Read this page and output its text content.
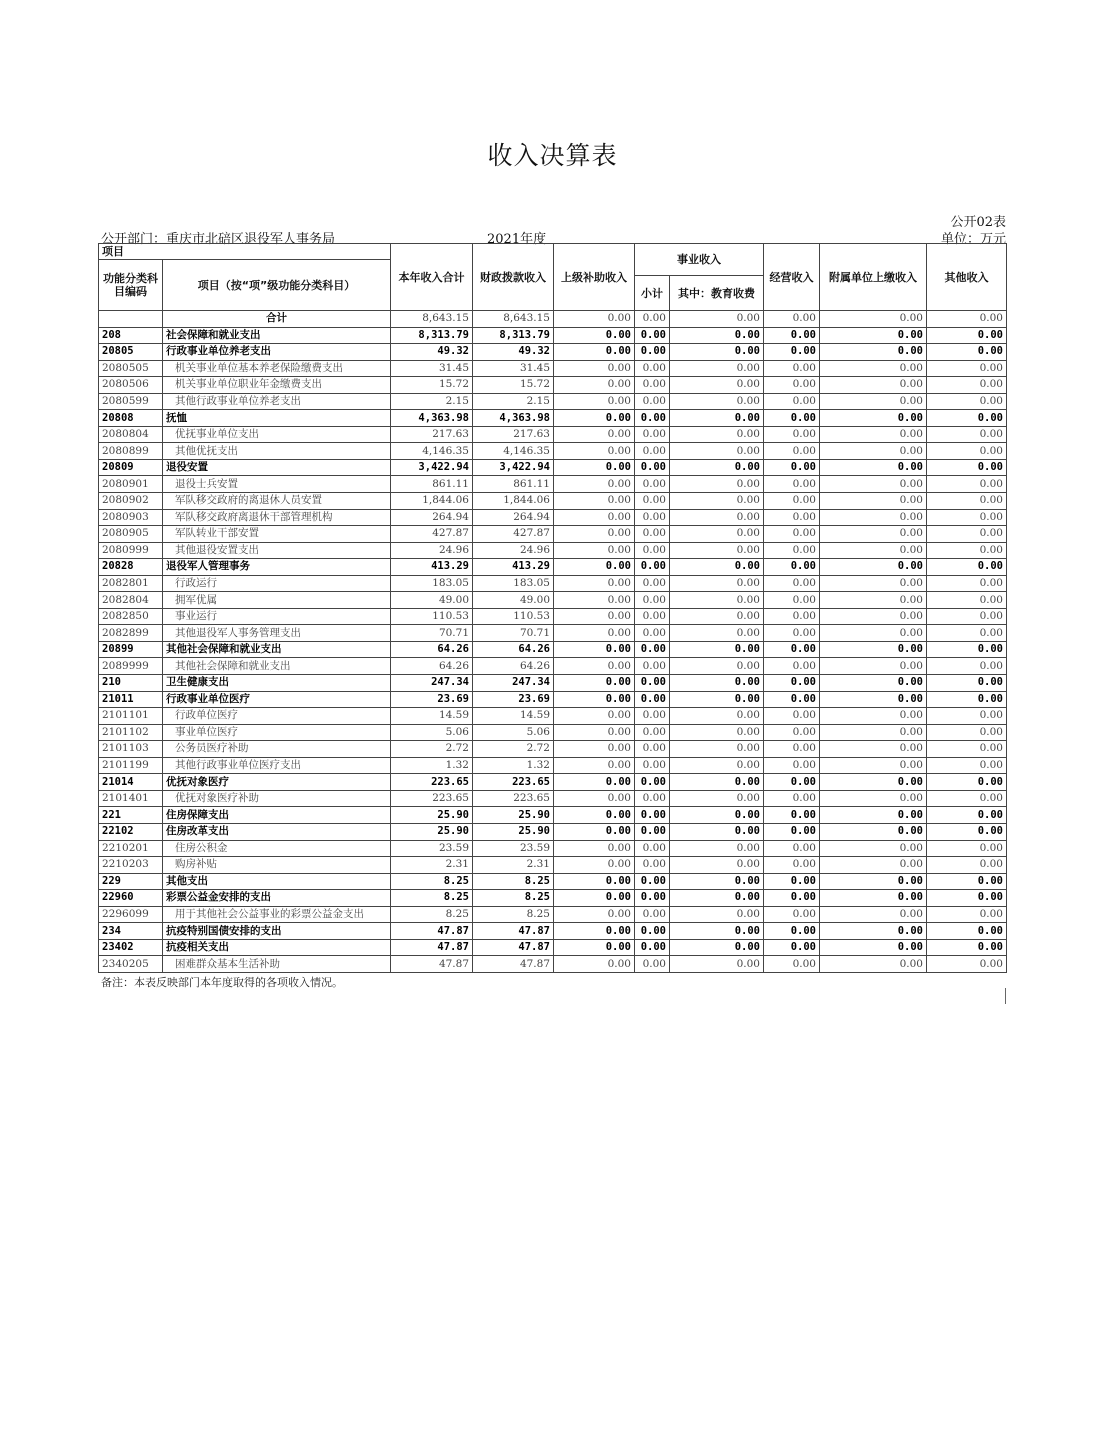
收入决算表
公开02表
公开部门：重庆市北碚区退役军人事务局	2021年度	单位：万元
项目		本年收入合计	财政拨款收入	上级补助收入	事业收入		经营收入	附属单位上缴收入	其他收入
功能分类科目编码	项目（按“项”级功能分类科目）								
					小计	其中：教育收费			
	合计	8,643.15	8,643.15	0.00	0.00	0.00	0.00	0.00	0.00
208	社会保障和就业支出	8,313.79	8,313.79	0.00	0.00	0.00	0.00	0.00	0.00
20805	行政事业单位养老支出	49.32	49.32	0.00	0.00	0.00	0.00	0.00	0.00
2080505	机关事业单位基本养老保险缴费支出	31.45	31.45	0.00	0.00	0.00	0.00	0.00	0.00
2080506	机关事业单位职业年金缴费支出	15.72	15.72	0.00	0.00	0.00	0.00	0.00	0.00
2080599	其他行政事业单位养老支出	2.15	2.15	0.00	0.00	0.00	0.00	0.00	0.00
20808	抚恤	4,363.98	4,363.98	0.00	0.00	0.00	0.00	0.00	0.00
2080804	优抚事业单位支出	217.63	217.63	0.00	0.00	0.00	0.00	0.00	0.00
2080899	其他优抚支出	4,146.35	4,146.35	0.00	0.00	0.00	0.00	0.00	0.00
20809	退役安置	3,422.94	3,422.94	0.00	0.00	0.00	0.00	0.00	0.00
2080901	退役士兵安置	861.11	861.11	0.00	0.00	0.00	0.00	0.00	0.00
2080902	军队移交政府的离退休人员安置	1,844.06	1,844.06	0.00	0.00	0.00	0.00	0.00	0.00
2080903	军队移交政府离退休干部管理机构	264.94	264.94	0.00	0.00	0.00	0.00	0.00	0.00
2080905	军队转业干部安置	427.87	427.87	0.00	0.00	0.00	0.00	0.00	0.00
2080999	其他退役安置支出	24.96	24.96	0.00	0.00	0.00	0.00	0.00	0.00
20828	退役军人管理事务	413.29	413.29	0.00	0.00	0.00	0.00	0.00	0.00
2082801	行政运行	183.05	183.05	0.00	0.00	0.00	0.00	0.00	0.00
2082804	拥军优属	49.00	49.00	0.00	0.00	0.00	0.00	0.00	0.00
2082850	事业运行	110.53	110.53	0.00	0.00	0.00	0.00	0.00	0.00
2082899	其他退役军人事务管理支出	70.71	70.71	0.00	0.00	0.00	0.00	0.00	0.00
20899	其他社会保障和就业支出	64.26	64.26	0.00	0.00	0.00	0.00	0.00	0.00
2089999	其他社会保障和就业支出	64.26	64.26	0.00	0.00	0.00	0.00	0.00	0.00
210	卫生健康支出	247.34	247.34	0.00	0.00	0.00	0.00	0.00	0.00
21011	行政事业单位医疗	23.69	23.69	0.00	0.00	0.00	0.00	0.00	0.00
2101101	行政单位医疗	14.59	14.59	0.00	0.00	0.00	0.00	0.00	0.00
2101102	事业单位医疗	5.06	5.06	0.00	0.00	0.00	0.00	0.00	0.00
2101103	公务员医疗补助	2.72	2.72	0.00	0.00	0.00	0.00	0.00	0.00
2101199	其他行政事业单位医疗支出	1.32	1.32	0.00	0.00	0.00	0.00	0.00	0.00
21014	优抚对象医疗	223.65	223.65	0.00	0.00	0.00	0.00	0.00	0.00
2101401	优抚对象医疗补助	223.65	223.65	0.00	0.00	0.00	0.00	0.00	0.00
221	住房保障支出	25.90	25.90	0.00	0.00	0.00	0.00	0.00	0.00
22102	住房改革支出	25.90	25.90	0.00	0.00	0.00	0.00	0.00	0.00
2210201	住房公积金	23.59	23.59	0.00	0.00	0.00	0.00	0.00	0.00
2210203	购房补贴	2.31	2.31	0.00	0.00	0.00	0.00	0.00	0.00
229	其他支出	8.25	8.25	0.00	0.00	0.00	0.00	0.00	0.00
22960	彩票公益金安排的支出	8.25	8.25	0.00	0.00	0.00	0.00	0.00	0.00
2296099	用于其他社会公益事业的彩票公益金支出	8.25	8.25	0.00	0.00	0.00	0.00	0.00	0.00
234	抗疫特别国债安排的支出	47.87	47.87	0.00	0.00	0.00	0.00	0.00	0.00
23402	抗疫相关支出	47.87	47.87	0.00	0.00	0.00	0.00	0.00	0.00
2340205	困难群众基本生活补助	47.87	47.87	0.00	0.00	0.00	0.00	0.00	0.00
备注：本表反映部门本年度取得的各项收入情况。
